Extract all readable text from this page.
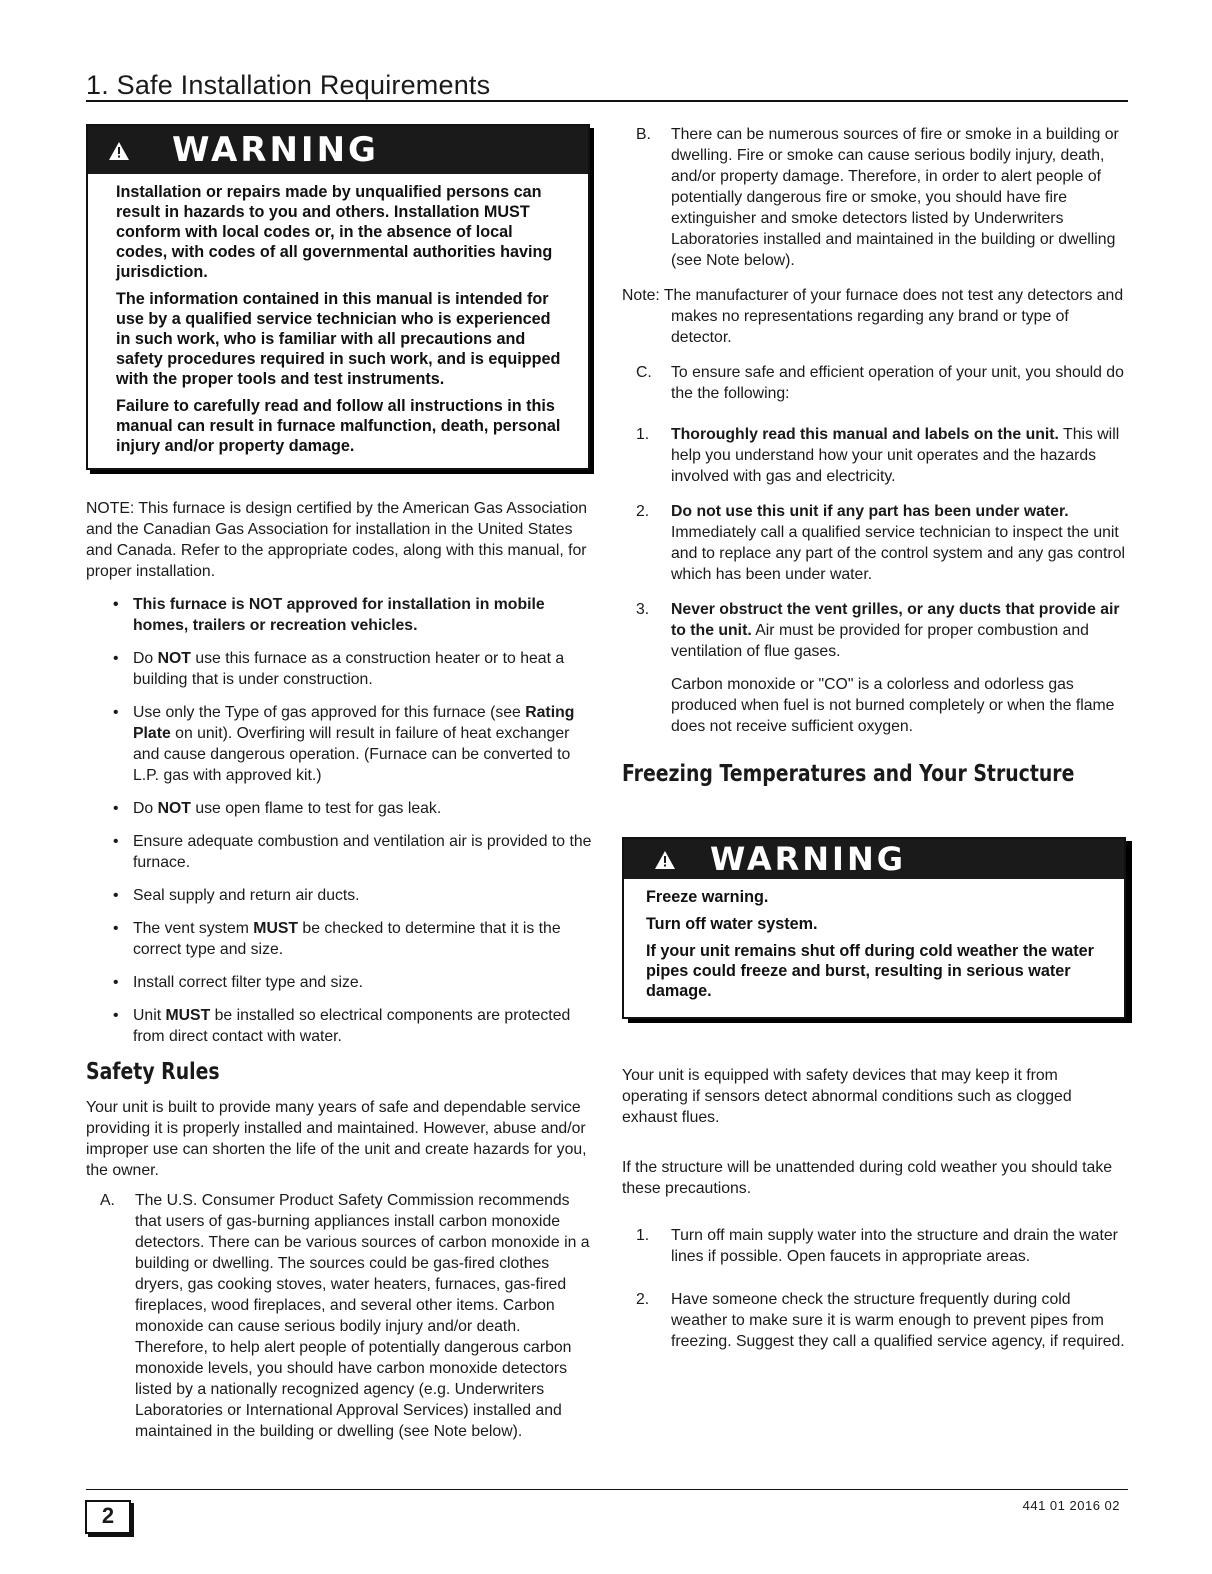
1. Safe Installation Requirements
WARNING

Installation or repairs made by unqualified persons can result in hazards to you and others. Installation MUST conform with local codes or, in the absence of local codes, with codes of all governmental authorities having jurisdiction.

The information contained in this manual is intended for use by a qualified service technician who is experienced in such work, who is familiar with all precautions and safety procedures required in such work, and is equipped with the proper tools and test instruments.

Failure to carefully read and follow all instructions in this manual can result in furnace malfunction, death, personal injury and/or property damage.

NOTE: This furnace is design certified by the American Gas Association and the Canadian Gas Association for installation in the United States and Canada. Refer to the appropriate codes, along with this manual, for proper installation.

• This furnace is NOT approved for installation in mobile homes, trailers or recreation vehicles.
• Do NOT use this furnace as a construction heater or to heat a building that is under construction.
• Use only the Type of gas approved for this furnace (see Rating Plate on unit). Overfiring will result in failure of heat exchanger and cause dangerous operation. (Furnace can be converted to L.P. gas with approved kit.)
• Do NOT use open flame to test for gas leak.
• Ensure adequate combustion and ventilation air is provided to the furnace.
• Seal supply and return air ducts.
• The vent system MUST be checked to determine that it is the correct type and size.
• Install correct filter type and size.
• Unit MUST be installed so electrical components are protected from direct contact with water.
Safety Rules

Your unit is built to provide many years of safe and dependable service providing it is properly installed and maintained. However, abuse and/or improper use can shorten the life of the unit and create hazards for you, the owner.

A. The U.S. Consumer Product Safety Commission recommends that users of gas-burning appliances install carbon monoxide detectors. There can be various sources of carbon monoxide in a building or dwelling. The sources could be gas-fired clothes dryers, gas cooking stoves, water heaters, furnaces, gas-fired fireplaces, wood fireplaces, and several other items. Carbon monoxide can cause serious bodily injury and/or death. Therefore, to help alert people of potentially dangerous carbon monoxide levels, you should have carbon monoxide detectors listed by a nationally recognized agency (e.g. Underwriters Laboratories or International Approval Services) installed and maintained in the building or dwelling (see Note below).
B. There can be numerous sources of fire or smoke in a building or dwelling. Fire or smoke can cause serious bodily injury, death, and/or property damage. Therefore, in order to alert people of potentially dangerous fire or smoke, you should have fire extinguisher and smoke detectors listed by Underwriters Laboratories installed and maintained in the building or dwelling (see Note below).
Note: The manufacturer of your furnace does not test any detectors and makes no representations regarding any brand or type of detector.
C. To ensure safe and efficient operation of your unit, you should do the the following:
1. Thoroughly read this manual and labels on the unit. This will help you understand how your unit operates and the hazards involved with gas and electricity.
2. Do not use this unit if any part has been under water. Immediately call a qualified service technician to inspect the unit and to replace any part of the control system and any gas control which has been under water.
3. Never obstruct the vent grilles, or any ducts that provide air to the unit. Air must be provided for proper combustion and ventilation of flue gases.

Carbon monoxide or "CO" is a colorless and odorless gas produced when fuel is not burned completely or when the flame does not receive sufficient oxygen.

Freezing Temperatures and Your Structure
WARNING

Freeze warning.

Turn off water system.

If your unit remains shut off during cold weather the water pipes could freeze and burst, resulting in serious water damage.

Your unit is equipped with safety devices that may keep it from operating if sensors detect abnormal conditions such as clogged exhaust flues.

If the structure will be unattended during cold weather you should take these precautions.

1. Turn off main supply water into the structure and drain the water lines if possible. Open faucets in appropriate areas.
2. Have someone check the structure frequently during cold weather to make sure it is warm enough to prevent pipes from freezing. Suggest they call a qualified service agency, if required.
2	441 01 2016 02
